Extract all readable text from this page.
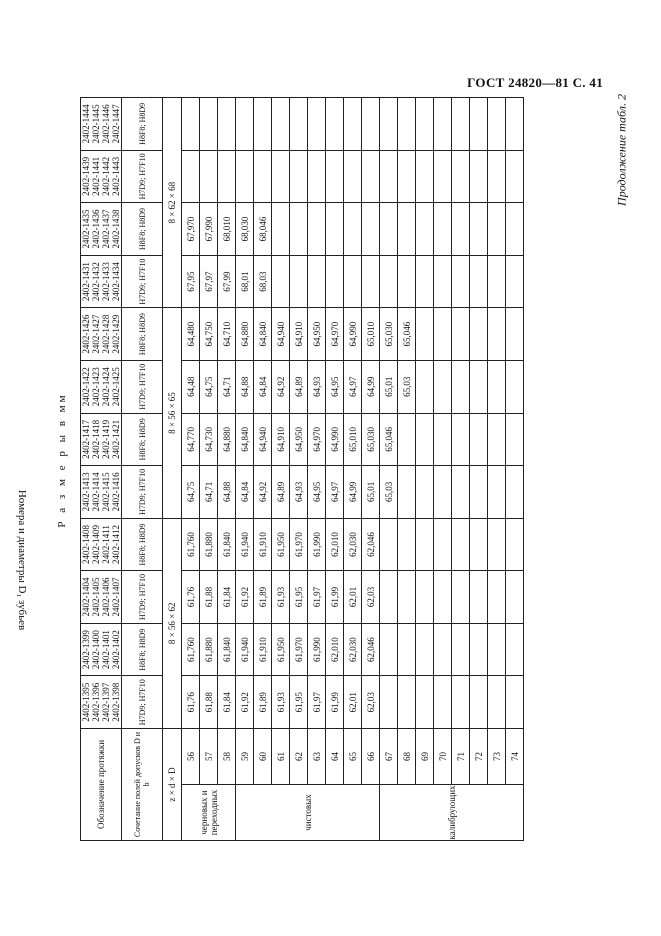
ГОСТ 24820—81 С. 41
Продолжение табл. 2
Р а з м е р ы в мм
Номера и диаметры D₁ зубьев
Обозначение протяжки		2402-1395 2402-1396 2402-1397 2402-1398	2402-1399 2402-1400 2402-1401 2402-1402	2402-1404 2402-1405 2402-1406 2402-1407	2402-1408 2402-1409 2402-1411 2402-1412	2402-1413 2402-1414 2402-1415 2402-1416	2402-1417 2402-1418 2402-1419 2402-1421	2402-1422 2402-1423 2402-1424 2402-1425	2402-1426 2402-1427 2402-1428 2402-1429	2402-1431 2402-1432 2402-1433 2402-1434	2402-1435 2402-1436 2402-1437 2402-1438	2402-1439 2402-1441 2402-1442 2402-1443	2402-1444 2402-1445 2402-1446 2402-1447
Сочетание полей допусков D и b		H7D9; H7F10	H8F8; H8D9	H7D9; H7F10	H8F8; H8D9	H7D9; H7F10	H8F8; H8D9	H7D9; H7F10	H8F8; H8D9	H7D9; H7F10	H8F8; H8D9	H7D9; H7F10	H8F8; H8D9
z × d × D		8 × 56 × 62				8 × 56 × 65				8 × 62 × 68			
черновых и переходных	56	61,76	61,760	61,76	61,760	64,75	64,770	64,48	64,480	67,95	67,970		
	57	61,88	61,880	61,88	61,880	64,71	64,730	64,75	64,750	67,97	67,990		
	58	61,84	61,840	61,84	61,840	64,88	64,880	64,71	64,710	67,99	68,010		
чистовых	59	61,92	61,940	61,92	61,940	64,84	64,840	64,88	64,880	68,01	68,030		
	60	61,89	61,910	61,89	61,910	64,92	64,940	64,84	64,840	68,03	68,046		
	61	61,93	61,950	61,93	61,950	64,89	64,910	64,92	64,940				
	62	61,95	61,970	61,95	61,970	64,93	64,950	64,89	64,910				
	63	61,97	61,990	61,97	61,990	64,95	64,970	64,93	64,950				
	64	61,99	62,010	61,99	62,010	64,97	64,990	64,95	64,970				
	65	62,01	62,030	62,01	62,030	64,99	65,010	64,97	64,990				
	66	62,03	62,046	62,03	62,046	65,01	65,030	64,99	65,010				
калибрующих	67					65,03	65,046	65,01	65,030				
	68							65,03	65,046				
	69												
	70												
	71												
	72												
	73												
	74												
